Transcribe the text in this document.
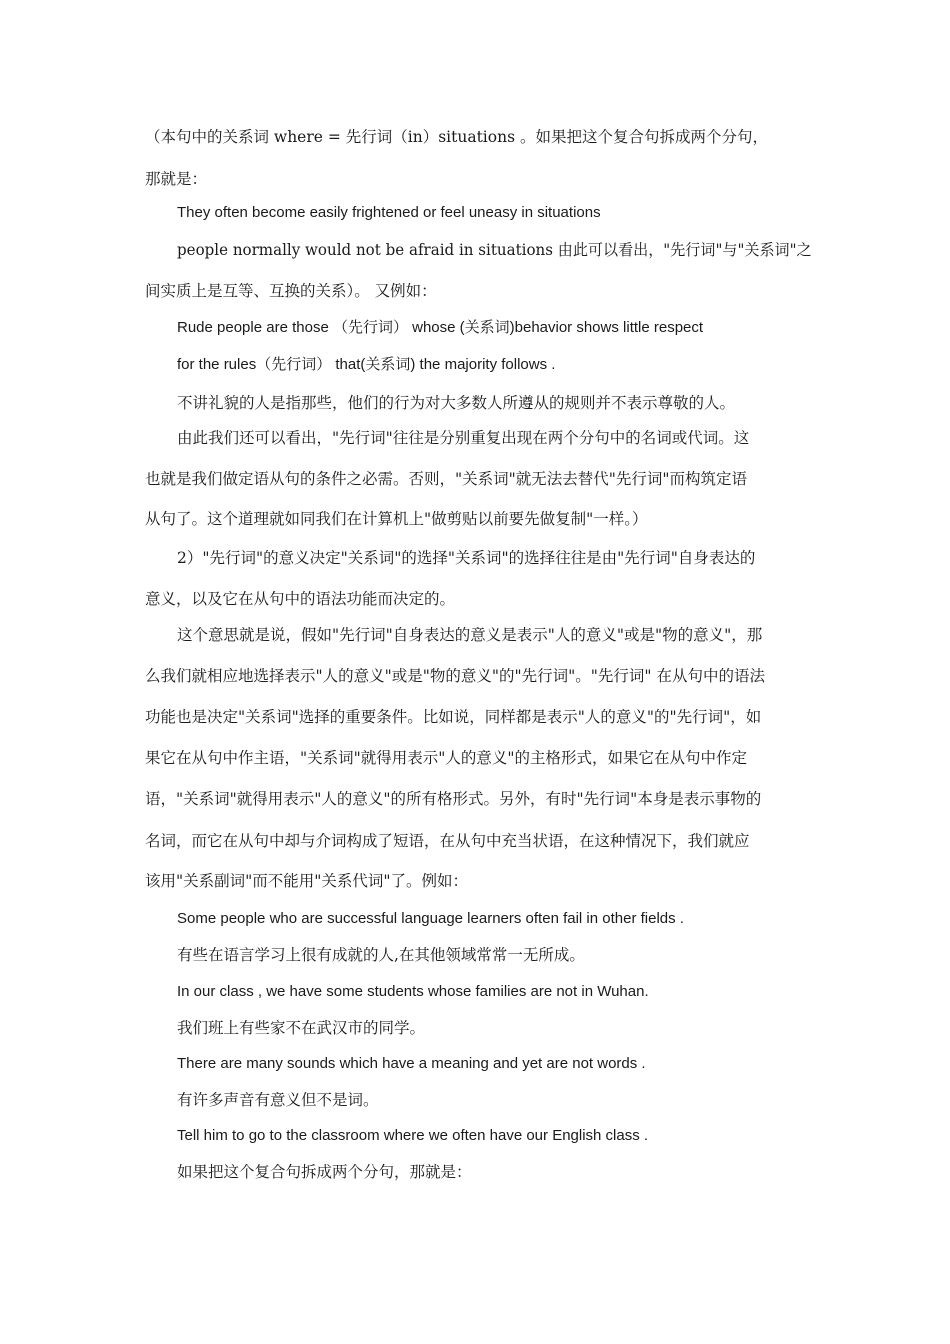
（本句中的关系词 where = 先行词（in）situations 。如果把这个复合句拆成两个分句，
那就是：
They often become easily frightened or feel uneasy in situations
people normally would not be afraid in situations 由此可以看出，"先行词"与"关系词"之
间实质上是互等、互换的关系）。 又例如：
Rude people are those （先行词） whose (关系词)behavior shows little respect
for the rules（先行词） that(关系词) the majority follows .
不讲礼貌的人是指那些，他们的行为对大多数人所遵从的规则并不表示尊敬的人。
由此我们还可以看出，"先行词"往往是分别重复出现在两个分句中的名词或代词。这
也就是我们做定语从句的条件之必需。否则，"关系词"就无法去替代"先行词"而构筑定语
从句了。这个道理就如同我们在计算机上"做剪贴以前要先做复制"一样。）
2）"先行词"的意义决定"关系词"的选择"关系词"的选择往往是由"先行词"自身表达的
意义，以及它在从句中的语法功能而决定的。
这个意思就是说，假如"先行词"自身表达的意义是表示"人的意义"或是"物的意义"，那
么我们就相应地选择表示"人的意义"或是"物的意义"的"先行词"。"先行词" 在从句中的语法
功能也是决定"关系词"选择的重要条件。比如说，同样都是表示"人的意义"的"先行词"，如
果它在从句中作主语，"关系词"就得用表示"人的意义"的主格形式，如果它在从句中作定
语，"关系词"就得用表示"人的意义"的所有格形式。另外，有时"先行词"本身是表示事物的
名词，而它在从句中却与介词构成了短语，在从句中充当状语，在这种情况下，我们就应
该用"关系副词"而不能用"关系代词"了。例如：
Some people who are successful language learners often fail in other fields .
有些在语言学习上很有成就的人,在其他领域常常一无所成。
In our class , we have some students whose families are not in Wuhan.
我们班上有些家不在武汉市的同学。
There are many sounds which have a meaning and yet are not words .
有许多声音有意义但不是词。
Tell him to go to the classroom where we often have our English class .
如果把这个复合句拆成两个分句，那就是：
